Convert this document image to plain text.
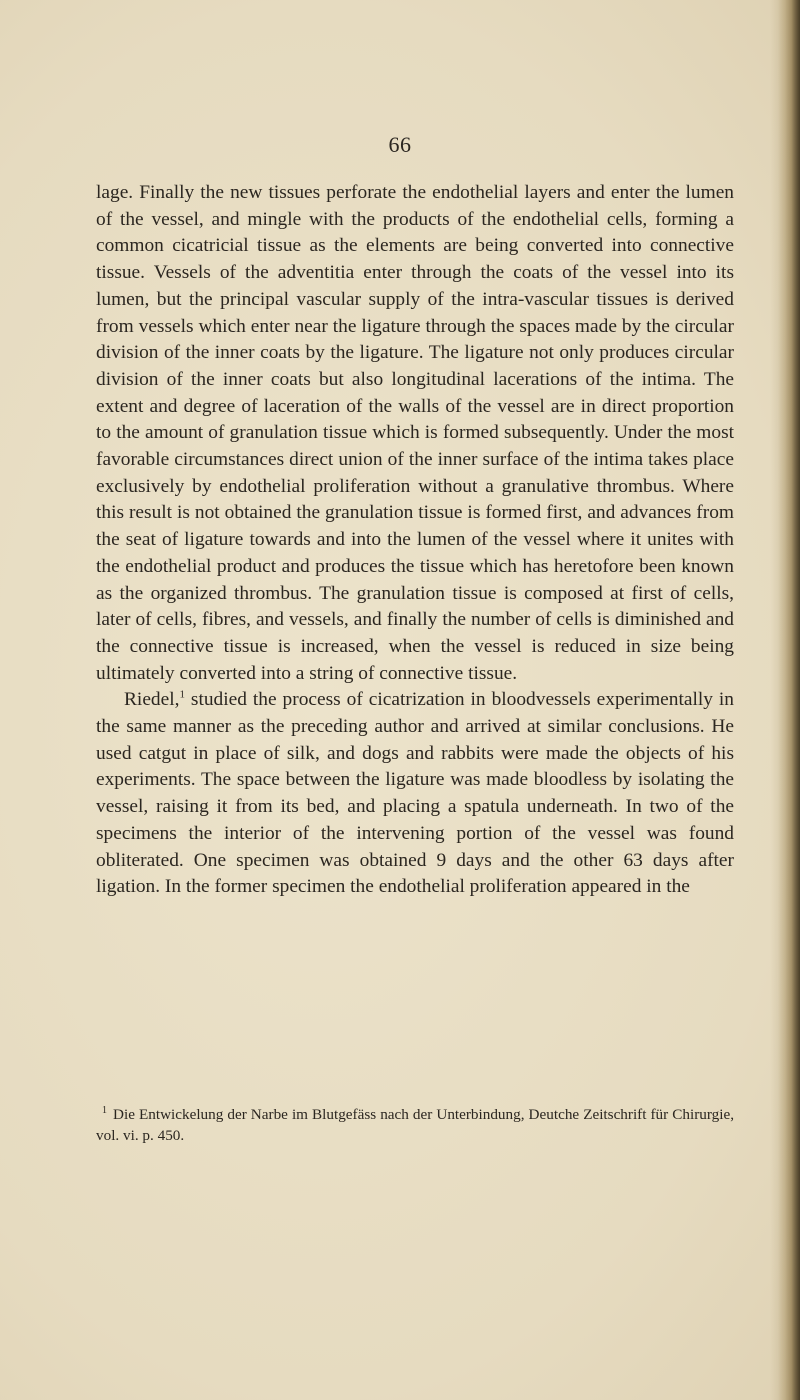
66

lage. Finally the new tissues perforate the endothelial layers and enter the lumen of the vessel, and mingle with the products of the endothelial cells, forming a common cicatricial tissue as the elements are being converted into connective tissue. Vessels of the adventitia enter through the coats of the vessel into its lumen, but the principal vascular supply of the intra-vascular tissues is derived from vessels which enter near the ligature through the spaces made by the circular division of the inner coats by the ligature. The ligature not only produces circular division of the inner coats but also longitudinal lacerations of the intima. The extent and degree of laceration of the walls of the vessel are in direct proportion to the amount of granulation tissue which is formed subsequently. Under the most favorable circumstances direct union of the inner surface of the intima takes place exclusively by endothelial proliferation without a granulative thrombus. Where this result is not obtained the granulation tissue is formed first, and advances from the seat of ligature towards and into the lumen of the vessel where it unites with the endothelial product and produces the tissue which has heretofore been known as the organized thrombus. The granulation tissue is composed at first of cells, later of cells, fibres, and vessels, and finally the number of cells is diminished and the connective tissue is increased, when the vessel is reduced in size being ultimately converted into a string of connective tissue.

Riedel,$^1$ studied the process of cicatrization in bloodvessels experimentally in the same manner as the preceding author and arrived at similar conclusions. He used catgut in place of silk, and dogs and rabbits were made the objects of his experiments. The space between the ligature was made bloodless by isolating the vessel, raising it from its bed, and placing a spatula underneath. In two of the specimens the interior of the intervening portion of the vessel was found obliterated. One specimen was obtained 9 days and the other 63 days after ligation. In the former specimen the endothelial proliferation appeared in the

$^1$ Die Entwickelung der Narbe im Blutgefäss nach der Unterbindung, Deutche Zeitschrift für Chirurgie, vol. vi. p. 450.
